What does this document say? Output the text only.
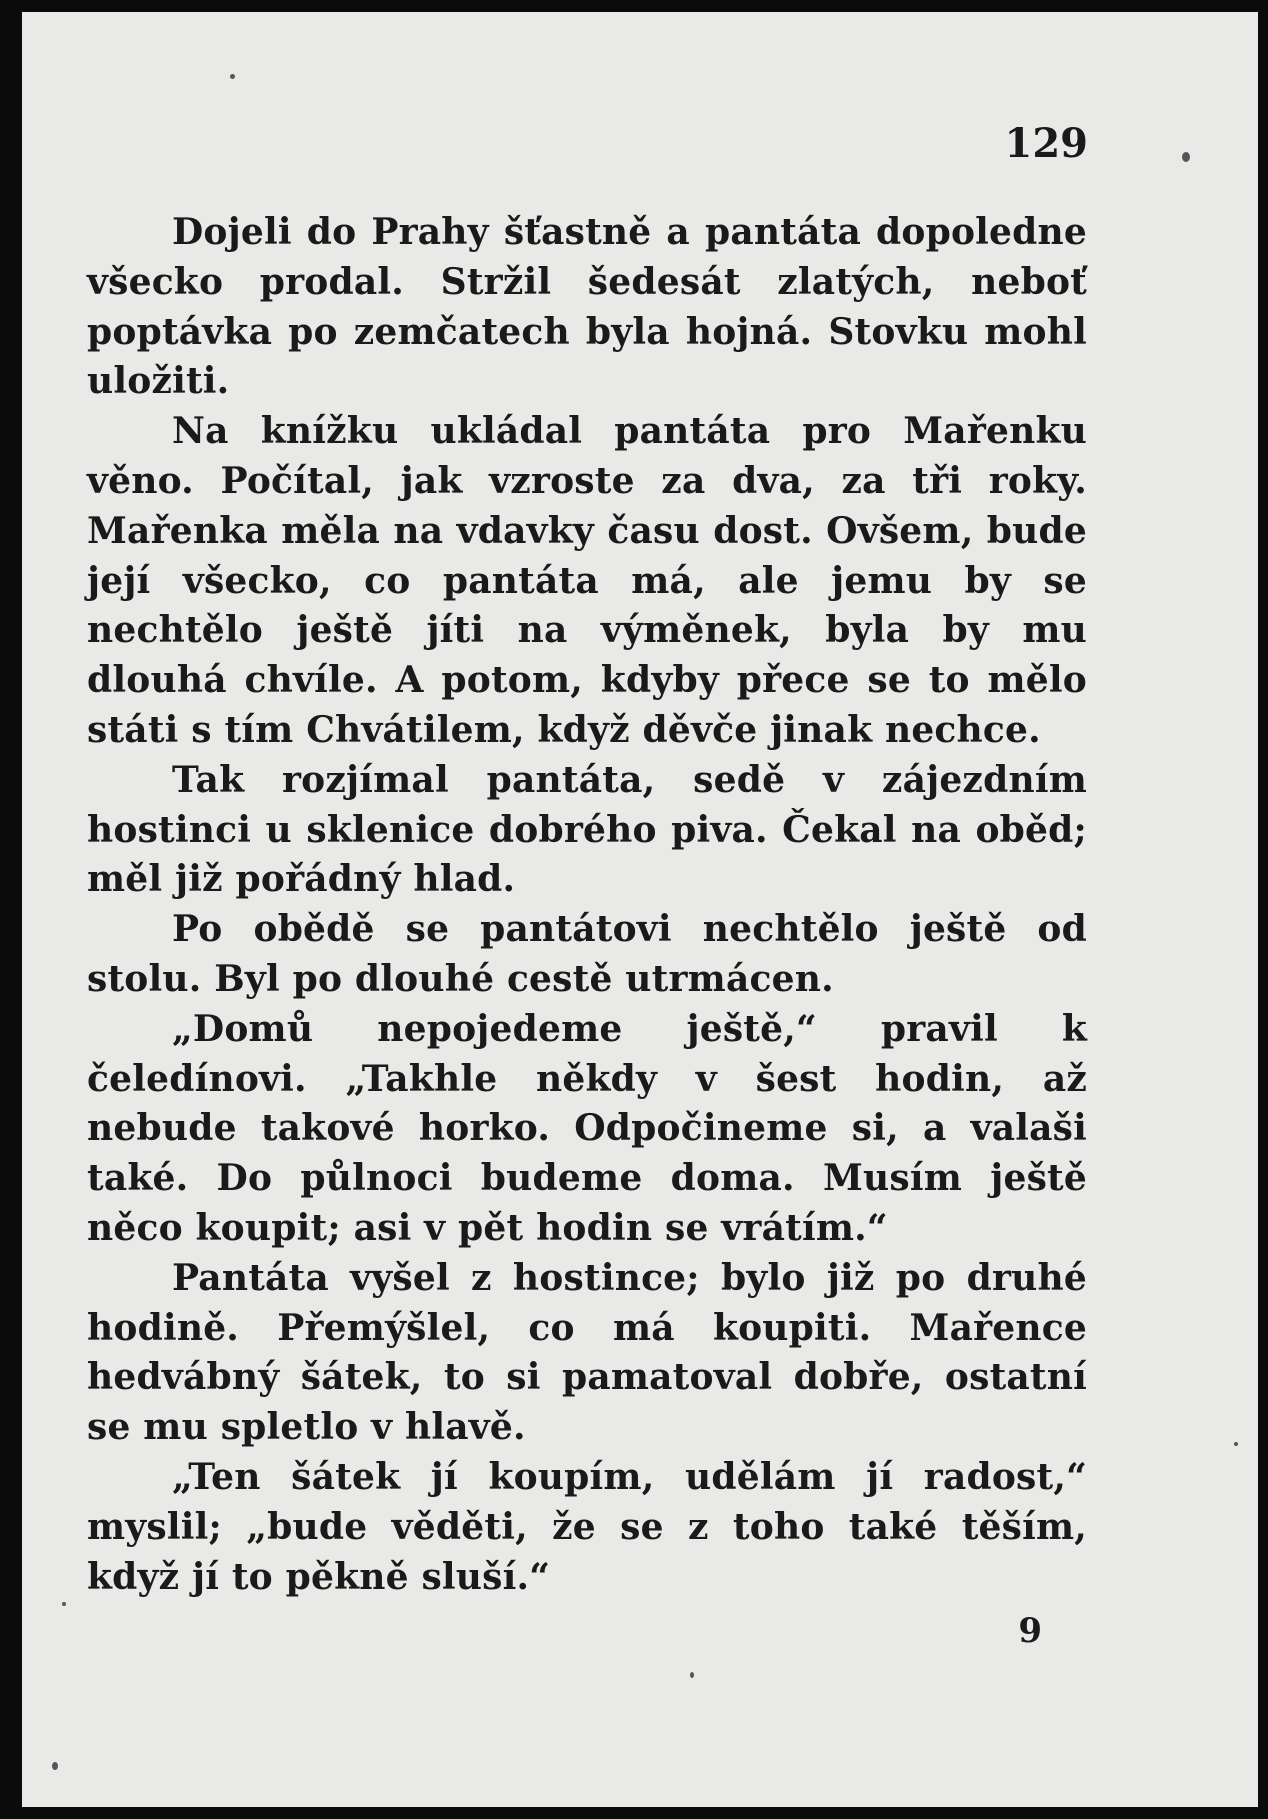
129

Dojeli do Prahy šťastně a pantáta dopoledne všecko prodal. Stržil šedesát zlatých, neboť poptávka po zemčatech byla hojná. Stovku mohl uložiti.

Na knížku ukládal pantáta pro Mařenku věno. Počítal, jak vzroste za dva, za tři roky. Mařenka měla na vdavky času dost. Ovšem, bude její všecko, co pantáta má, ale jemu by se nechtělo ještě jíti na výměnek, byla by mu dlouhá chvíle. A potom, kdyby přece se to mělo státi s tím Chvátilem, když děvče jinak nechce.

Tak rozjímal pantáta, sedě v zájezdním hostinci u sklenice dobrého piva. Čekal na oběd; měl již pořádný hlad.

Po obědě se pantátovi nechtělo ještě od stolu. Byl po dlouhé cestě utrmácen.

„Domů nepojedeme ještě,“ pravil k čeledínovi. „Takhle někdy v šest hodin, až nebude takové horko. Odpočineme si, a valaši také. Do půlnoci budeme doma. Musím ještě něco koupit; asi v pět hodin se vrátím.“

Pantáta vyšel z hostince; bylo již po druhé hodině. Přemýšlel, co má koupiti. Mařence hedvábný šátek, to si pamatoval dobře, ostatní se mu spletlo v hlavě.

„Ten šátek jí koupím, udělám jí radost,“ myslil; „bude věděti, že se z toho také těším, když jí to pěkně sluší.“

9
